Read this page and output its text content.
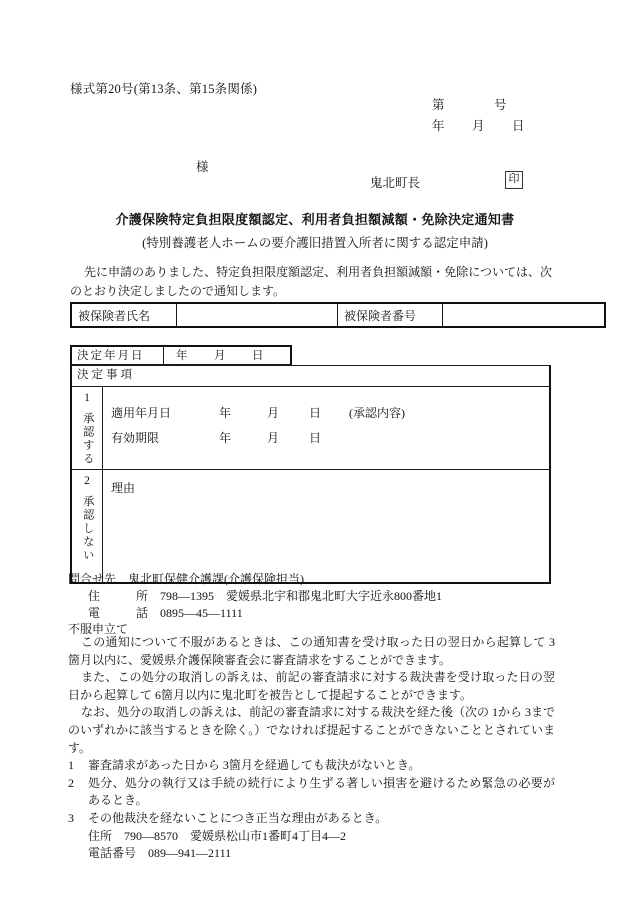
様式第20号(第13条、第15条関係)
第	号
年 月 日
様
鬼北町長	印
介護保険特定負担限度額認定、利用者負担額減額・免除決定通知書
(特別養護老人ホームの要介護旧措置入所者に関する認定申請)
先に申請のありました、特定負担限度額認定、利用者負担額減額・免除については、次のとおり決定しましたので通知します。
被保険者氏名		被保険者番号	
決定年月日	年 月 日
決定事項
1
承認する	適用年月日	年	月 日 (承認内容)
有効期限	年	月 日
2
承認しない
理由
問合せ先　 鬼北町保健介護課(介護保険担当)
住　　　所　 798—1395　愛媛県北宇和郡鬼北町大字近永800番地1
電　　　話　 0895—45—1111
不服申立て

この通知について不服があるときは、この通知書を受け取った日の翌日から起算して 3箇月以内に、愛媛県介護保険審査会に審査請求をすることができます。

また、この処分の取消しの訴えは、前記の審査請求に対する裁決書を受け取った日の翌日から起算して 6箇月以内に鬼北町を被告として提起することができます。

なお、処分の取消しの訴えは、前記の審査請求に対する裁決を経た後（次の 1から 3までのいずれかに該当するときを除く。）でなければ提起することができないこととされています。

1	審査請求があった日から 3箇月を経過しても裁決がないとき。
2	処分、処分の執行又は手続の続行により生ずる著しい損害を避けるため緊急の必要があるとき。
3	その他裁決を経ないことにつき正当な理由があるとき。
住所　 790—8570　愛媛県松山市1番町4丁目4—2
電話番号　 089—941—2111
